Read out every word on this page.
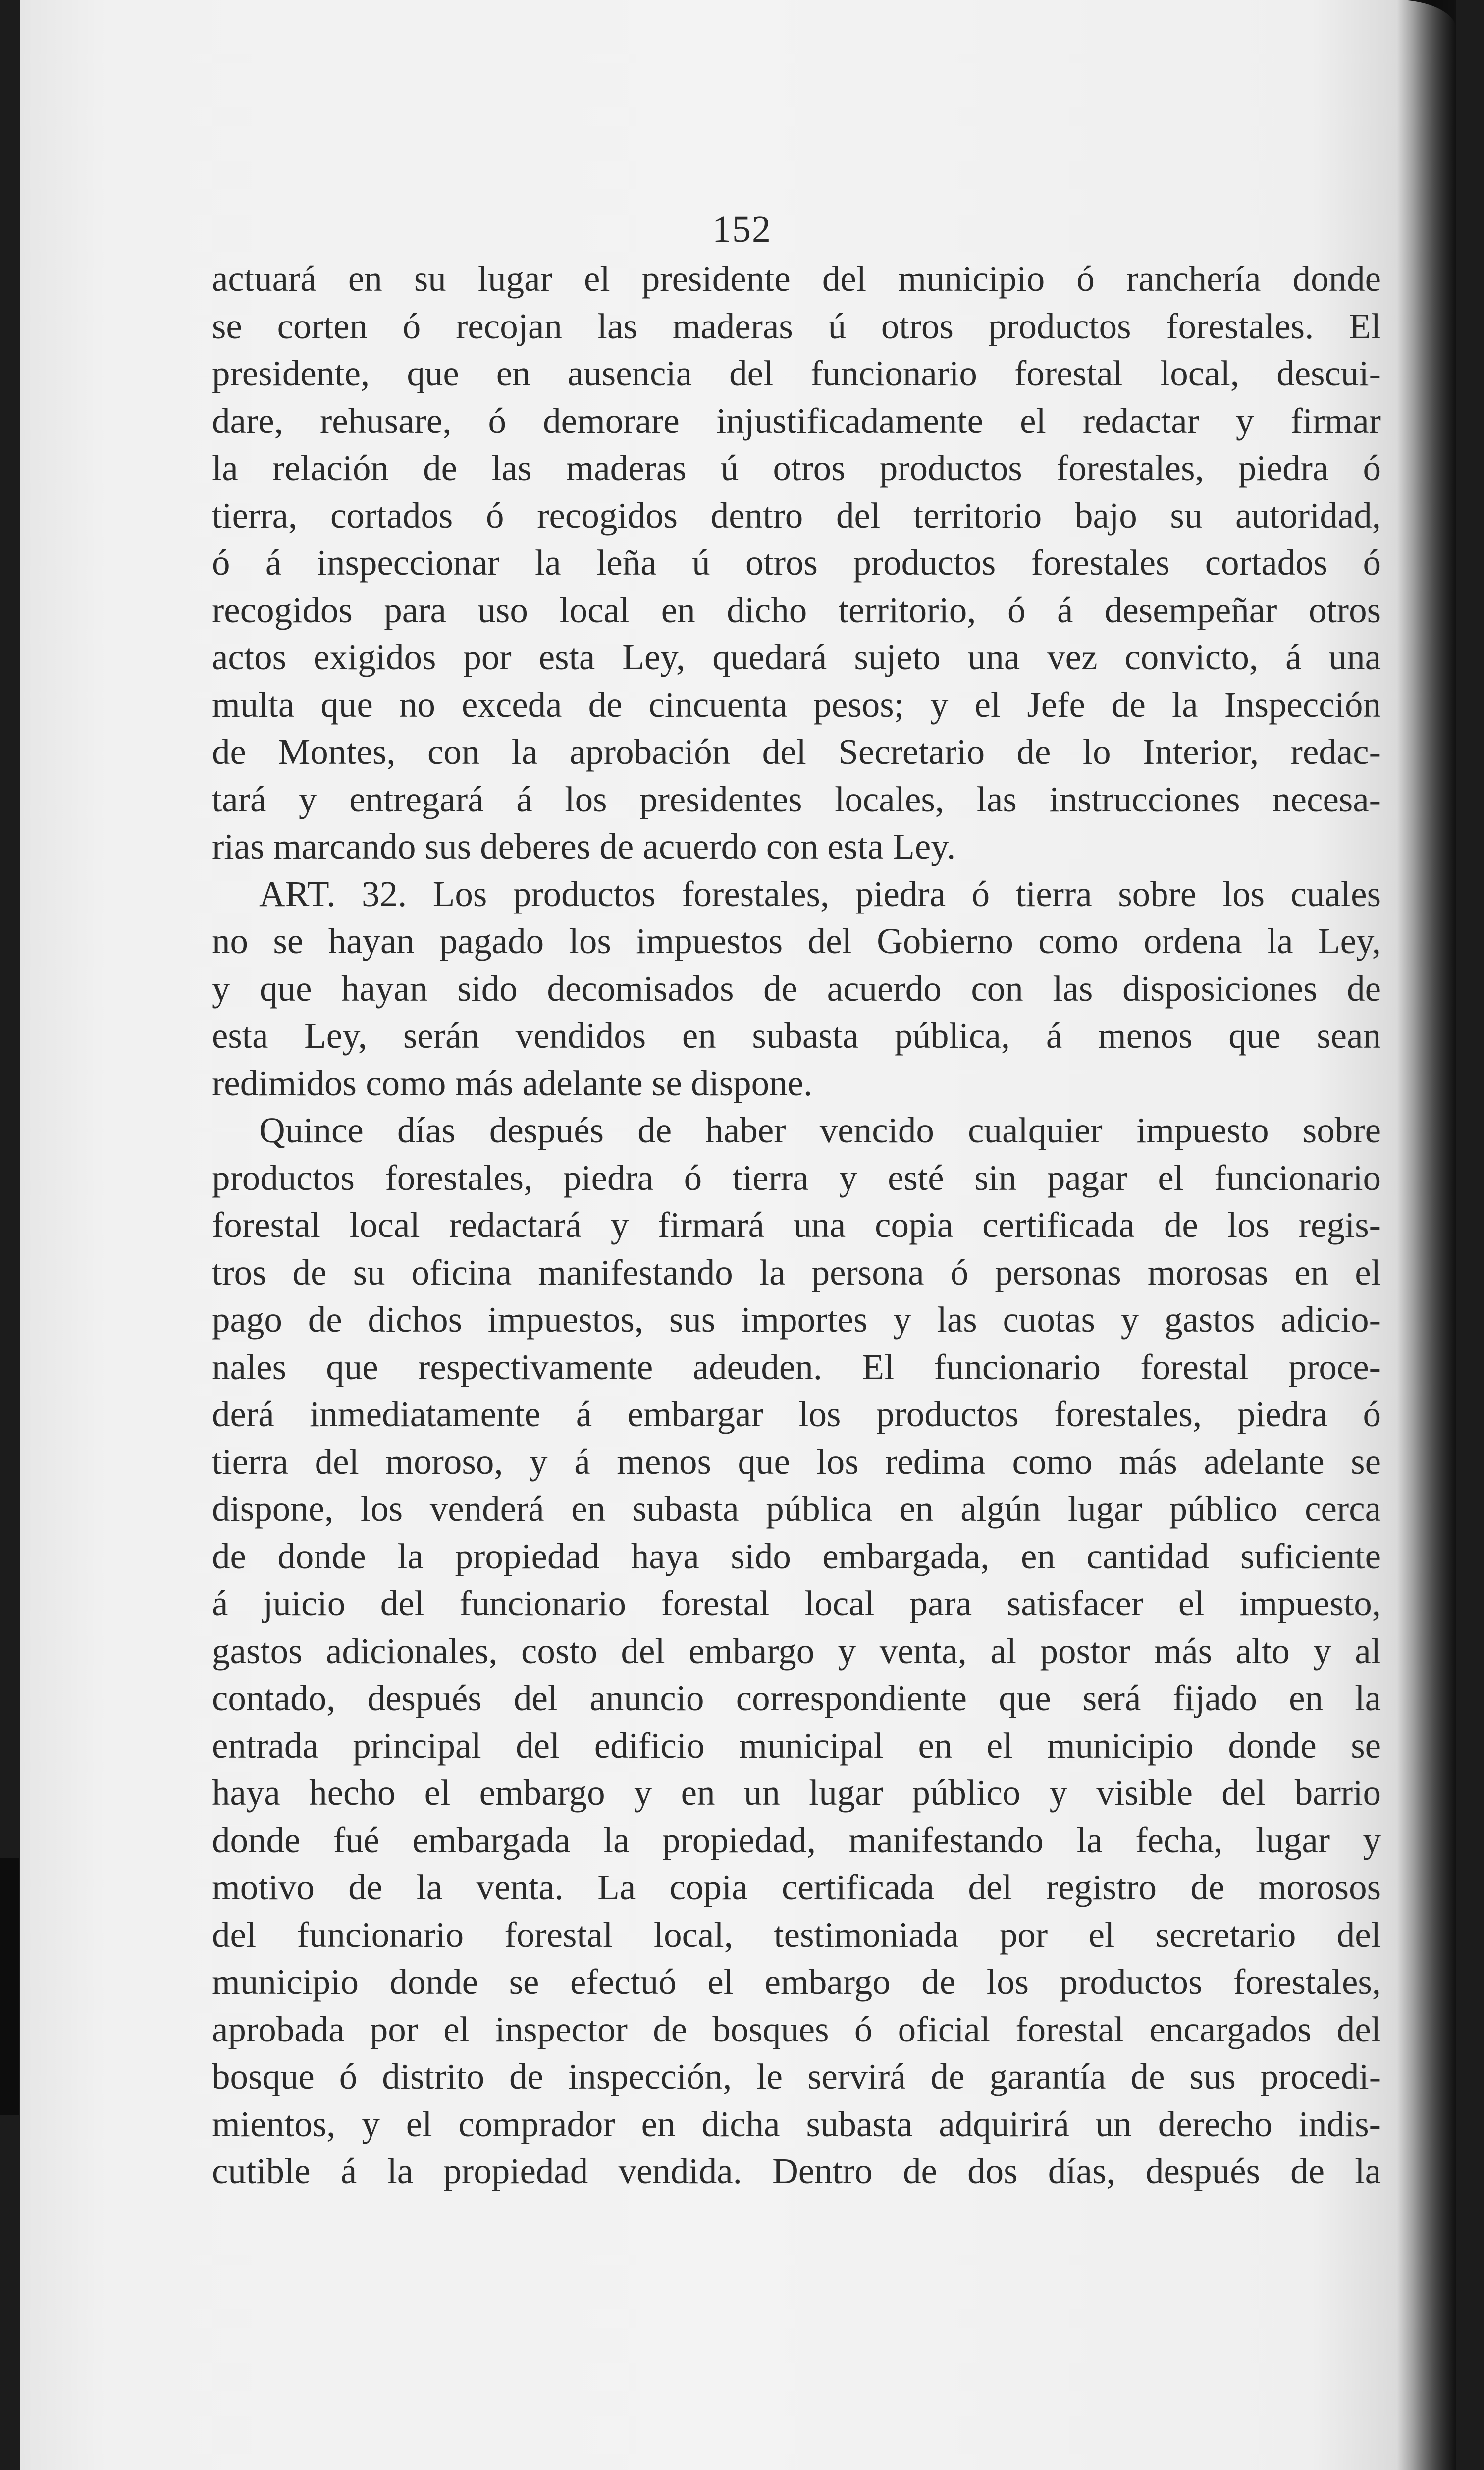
152
actuará en su lugar el presidente del municipio ó ranchería donde
se corten ó recojan las maderas ú otros productos forestales. El
presidente, que en ausencia del funcionario forestal local, descui-
dare, rehusare, ó demorare injustificadamente el redactar y firmar
la relación de las maderas ú otros productos forestales, piedra ó
tierra, cortados ó recogidos dentro del territorio bajo su autoridad,
ó á inspeccionar la leña ú otros productos forestales cortados ó
recogidos para uso local en dicho territorio, ó á desempeñar otros
actos exigidos por esta Ley, quedará sujeto una vez convicto, á una
multa que no exceda de cincuenta pesos; y el Jefe de la Inspección
de Montes, con la aprobación del Secretario de lo Interior, redac-
tará y entregará á los presidentes locales, las instrucciones necesa-
rias marcando sus deberes de acuerdo con esta Ley.
ART. 32. Los productos forestales, piedra ó tierra sobre los cuales
no se hayan pagado los impuestos del Gobierno como ordena la Ley,
y que hayan sido decomisados de acuerdo con las disposiciones de
esta Ley, serán vendidos en subasta pública, á menos que sean
redimidos como más adelante se dispone.
Quince días después de haber vencido cualquier impuesto sobre
productos forestales, piedra ó tierra y esté sin pagar el funcionario
forestal local redactará y firmará una copia certificada de los regis-
tros de su oficina manifestando la persona ó personas morosas en el
pago de dichos impuestos, sus importes y las cuotas y gastos adicio-
nales que respectivamente adeuden. El funcionario forestal proce-
derá inmediatamente á embargar los productos forestales, piedra ó
tierra del moroso, y á menos que los redima como más adelante se
dispone, los venderá en subasta pública en algún lugar público cerca
de donde la propiedad haya sido embargada, en cantidad suficiente
á juicio del funcionario forestal local para satisfacer el impuesto,
gastos adicionales, costo del embargo y venta, al postor más alto y al
contado, después del anuncio correspondiente que será fijado en la
entrada principal del edificio municipal en el municipio donde se
haya hecho el embargo y en un lugar público y visible del barrio
donde fué embargada la propiedad, manifestando la fecha, lugar y
motivo de la venta. La copia certificada del registro de morosos
del funcionario forestal local, testimoniada por el secretario del
municipio donde se efectuó el embargo de los productos forestales,
aprobada por el inspector de bosques ó oficial forestal encargados del
bosque ó distrito de inspección, le servirá de garantía de sus procedi-
mientos, y el comprador en dicha subasta adquirirá un derecho indis-
cutible á la propiedad vendida. Dentro de dos días, después de la
